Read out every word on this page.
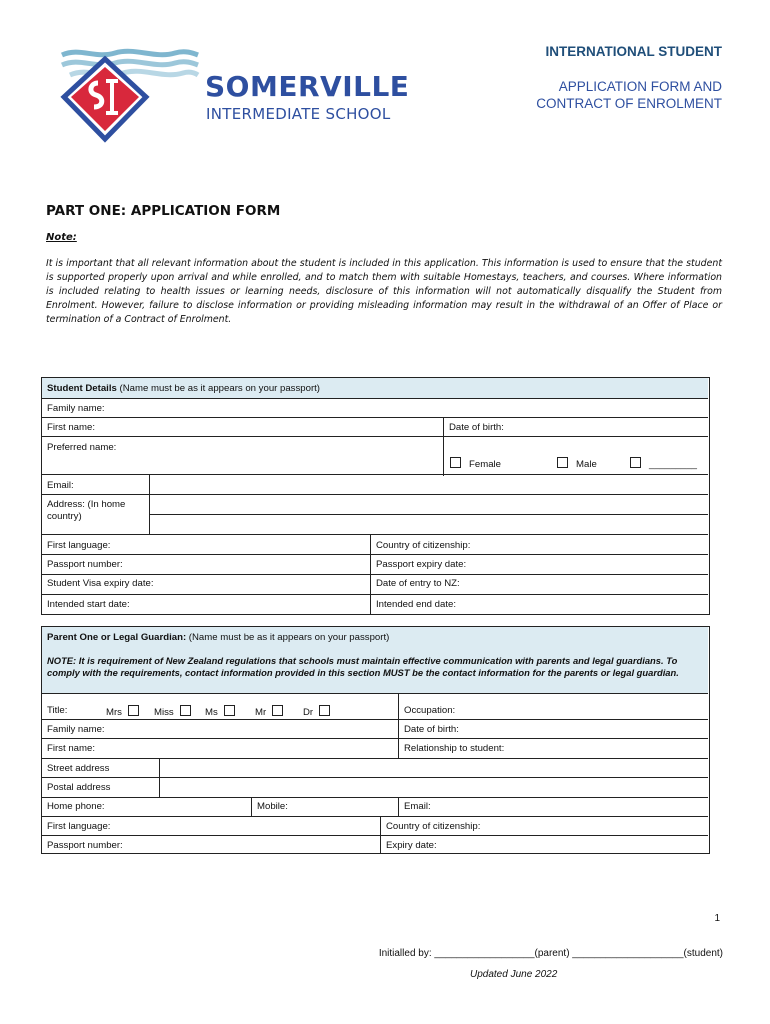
SOMERVILLE
INTERMEDIATE SCHOOL
INTERNATIONAL STUDENT
APPLICATION FORM AND
CONTRACT OF ENROLMENT
PART ONE: APPLICATION FORM
Note:
It is important that all relevant information about the student is included in this application. This information is used to ensure that the student is supported properly upon arrival and while enrolled, and to match them with suitable Homestays, teachers, and courses. Where information is included relating to health issues or learning needs, disclosure of this information will not automatically disqualify the Student from Enrolment. However, failure to disclose information or providing misleading information may result in the withdrawal of an Offer of Place or termination of a Contract of Enrolment.
Student Details (Name must be as it appears on your passport)
Family name:
First name:	Date of birth:
Preferred name:
Female	Male	_________
Email:
Address: (In home country)
First language:	Country of citizenship:
Passport number:	Passport expiry date:
Student Visa expiry date:	Date of entry to NZ:
Intended start date:	Intended end date:
Parent One or Legal Guardian: (Name must be as it appears on your passport)
NOTE: It is requirement of New Zealand regulations that schools must maintain effective communication with parents and legal guardians. To comply with the requirements, contact information provided in this section MUST be the contact information for the parents or legal guardian.
Title:	Mrs	Miss	Ms	Mr	Dr	Occupation:
Family name:	Date of birth:
First name:	Relationship to student:
Street address
Postal address
Home phone:	Mobile:	Email:
First language:	Country of citizenship:
Passport number:	Expiry date:
1
Initialled by: __________________(parent) ____________________(student)
Updated June 2022
